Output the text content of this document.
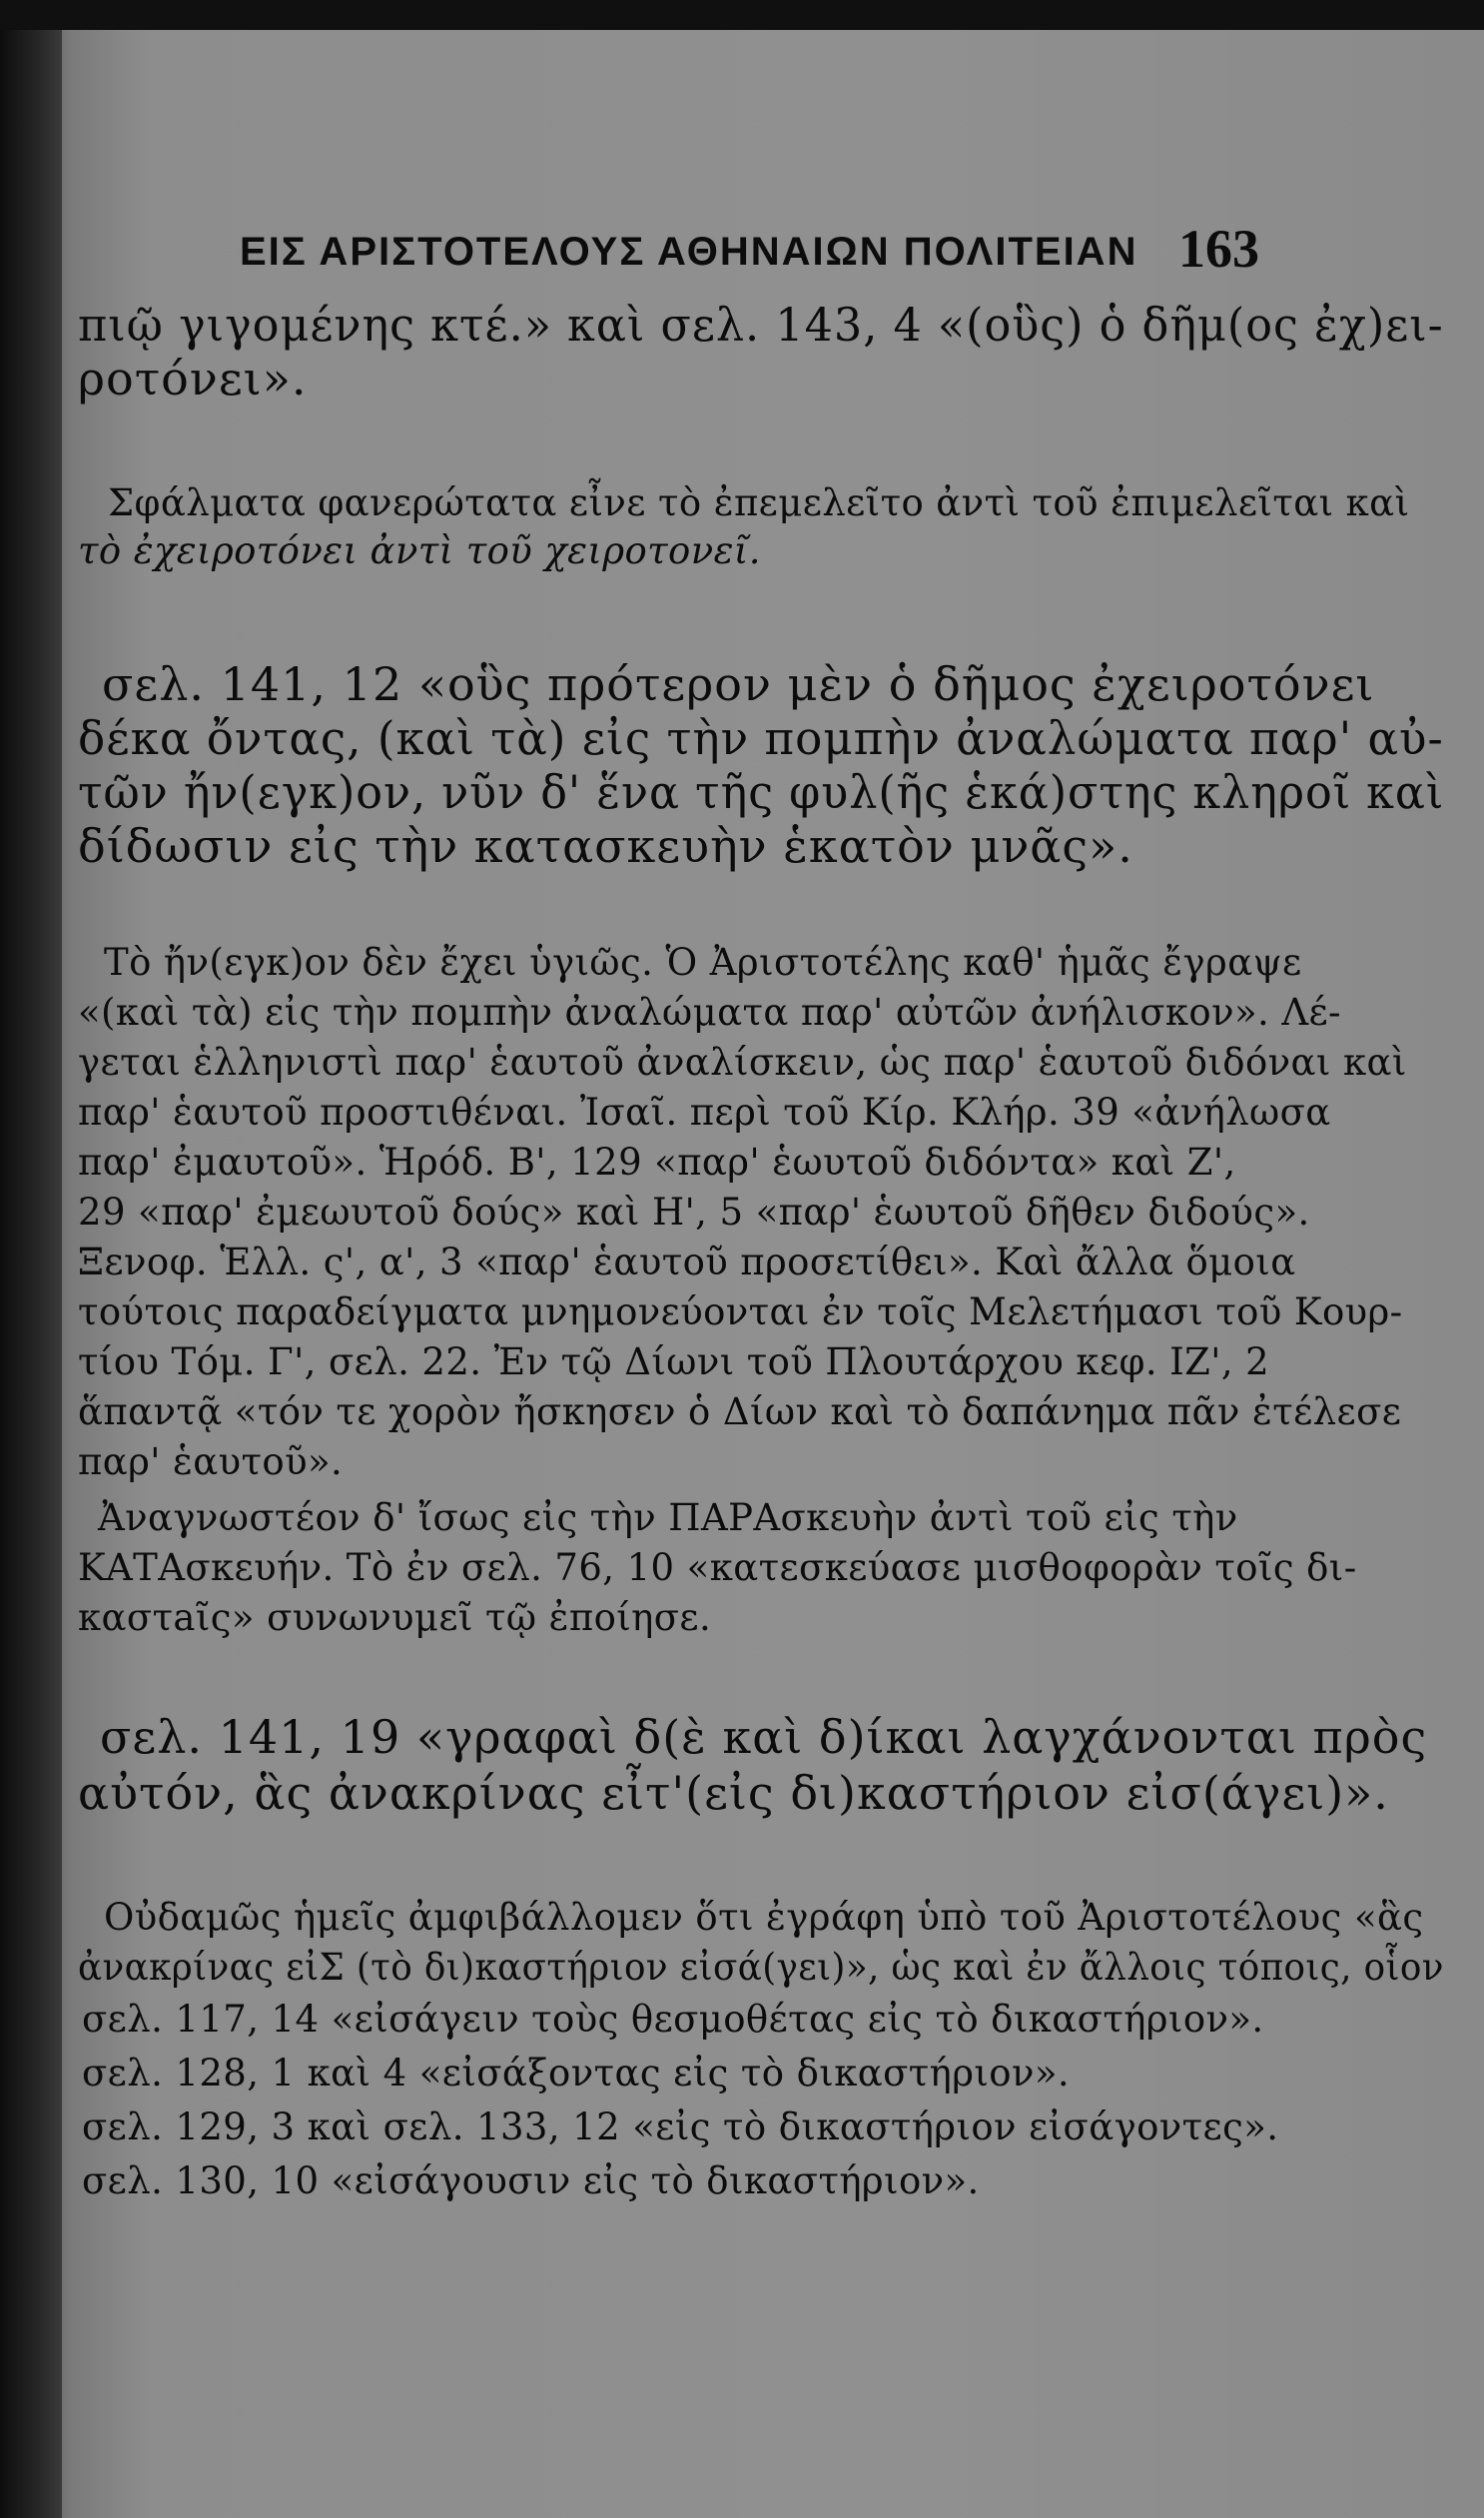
ΕΙΣ ΑΡΙΣΤΟΤΕΛΟΥΣ ΑΘΗΝΑΙΩΝ ΠΟΛΙΤΕΙΑΝ 163
πιῷ γιγομένης κτέ.» καὶ σελ. 143, 4 «(οὓς) ὁ δῆμ(ος ἐχ)ει-
ροτόνει».
Σφάλματα φανερώτατα εἶνε τὸ ἐπεμελεῖτο ἀντὶ τοῦ ἐπιμελεῖται καὶ
τὸ ἐχειροτόνει ἀντὶ τοῦ χειροτονεῖ.
σελ. 141, 12 «οὓς πρότερον μὲν ὁ δῆμος ἐχειροτόνει
δέκα ὄντας, (καὶ τὰ) εἰς τὴν πομπὴν ἀναλώματα παρ' αὐ-
τῶν ἤν(εγκ)ον, νῦν δ' ἕνα τῆς φυλ(ῆς ἑκά)στης κληροῖ καὶ
δίδωσιν εἰς τὴν κατασκευὴν ἑκατὸν μνᾶς».
Τὸ ἤν(εγκ)ον δὲν ἔχει ὑγιῶς. Ὁ Ἀριστοτέλης καθ' ἡμᾶς ἔγραψε
«(καὶ τὰ) εἰς τὴν πομπὴν ἀναλώματα παρ' αὐτῶν ἀνήλισκον». Λέ-
γεται ἑλληνιστὶ παρ' ἑαυτοῦ ἀναλίσκειν, ὡς παρ' ἑαυτοῦ διδόναι καὶ
παρ' ἑαυτοῦ προστιθέναι. Ἰσαῖ. περὶ τοῦ Κίρ. Κλήρ. 39 «ἀνήλωσα
παρ' ἐμαυτοῦ». Ἡρόδ. Β', 129 «παρ' ἑωυτοῦ διδόντα» καὶ Ζ',
29 «παρ' ἐμεωυτοῦ δούς» καὶ Η', 5 «παρ' ἑωυτοῦ δῆθεν διδούς».
Ξενοφ. Ἑλλ. ς', α', 3 «παρ' ἑαυτοῦ προσετίθει». Καὶ ἄλλα ὅμοια
τούτοις παραδείγματα μνημονεύονται ἐν τοῖς Μελετήμασι τοῦ Κουρ-
τίου Τόμ. Γ', σελ. 22. Ἐν τῷ Δίωνι τοῦ Πλουτάρχου κεφ. ΙΖ', 2
ἅπαντᾷ «τόν τε χορὸν ἤσκησεν ὁ Δίων καὶ τὸ δαπάνημα πᾶν ἐτέλεσε
παρ' ἑαυτοῦ».
Ἀναγνωστέον δ' ἴσως εἰς τὴν ΠΑΡΑσκευὴν ἀντὶ τοῦ εἰς τὴν
ΚΑΤΑσκευήν. Τὸ ἐν σελ. 76, 10 «κατεσκεύασε μισθοφορὰν τοῖς δι-
καστaῖς» συνωνυμεῖ τῷ ἐποίησε.
σελ. 141, 19 «γραφαὶ δ(ὲ καὶ δ)ίκαι λαγχάνονται πρὸς
αὐτόν, ἃς ἀνακρίνας εἶτ'(εἰς δι)καστήριον εἰσ(άγει)».
Οὐδαμῶς ἡμεῖς ἀμφιβάλλομεν ὅτι ἐγράφη ὑπὸ τοῦ Ἀριστοτέλους «ἃς
ἀνακρίνας εἰΣ (τὸ δι)καστήριον εἰσά(γει)», ὡς καὶ ἐν ἄλλοις τόποις, οἷον
σελ. 117, 14 «εἰσάγειν τοὺς θεσμοθέτας εἰς τὸ δικαστήριον».
σελ. 128, 1 καὶ 4 «εἰσάξοντας εἰς τὸ δικαστήριον».
σελ. 129, 3 καὶ σελ. 133, 12 «εἰς τὸ δικαστήριον εἰσάγοντες».
σελ. 130, 10 «εἰσάγουσιν εἰς τὸ δικαστήριον».
